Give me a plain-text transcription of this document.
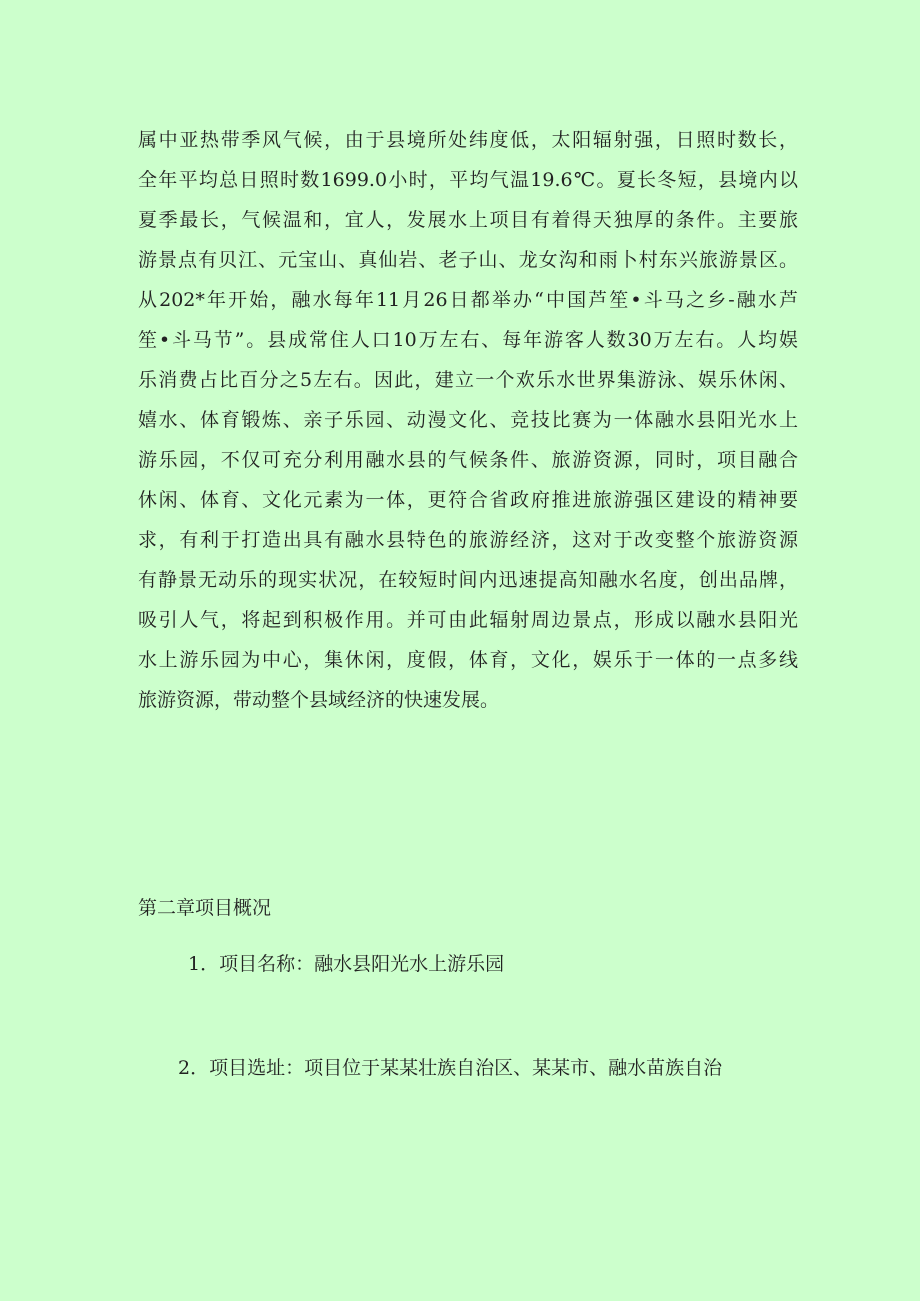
属中亚热带季风气候，由于县境所处纬度低，太阳辐射强，日照时数长，
全年平均总日照时数1699.0小时，平均气温19.6℃。夏长冬短，县境内以
夏季最长，气候温和，宜人，发展水上项目有着得天独厚的条件。主要旅
游景点有贝江、元宝山、真仙岩、老子山、龙女沟和雨卜村东兴旅游景区。
从202*年开始，融水每年11月26日都举办“中国芦笙•斗马之乡-融水芦
笙•斗马节”。县成常住人口10万左右、每年游客人数30万左右。人均娱
乐消费占比百分之5左右。因此，建立一个欢乐水世界集游泳、娱乐休闲、
嬉水、体育锻炼、亲子乐园、动漫文化、竞技比赛为一体融水县阳光水上
游乐园，不仅可充分利用融水县的气候条件、旅游资源，同时，项目融合
休闲、体育、文化元素为一体，更符合省政府推进旅游强区建设的精神要
求，有利于打造出具有融水县特色的旅游经济，这对于改变整个旅游资源
有静景无动乐的现实状况，在较短时间内迅速提高知融水名度，创出品牌，
吸引人气，将起到积极作用。并可由此辐射周边景点，形成以融水县阳光
水上游乐园为中心，集休闲，度假，体育，文化，娱乐于一体的一点多线
旅游资源，带动整个县域经济的快速发展。

第二章项目概况

1．项目名称：融水县阳光水上游乐园

2．项目选址：项目位于某某壮族自治区、某某市、融水苗族自治
